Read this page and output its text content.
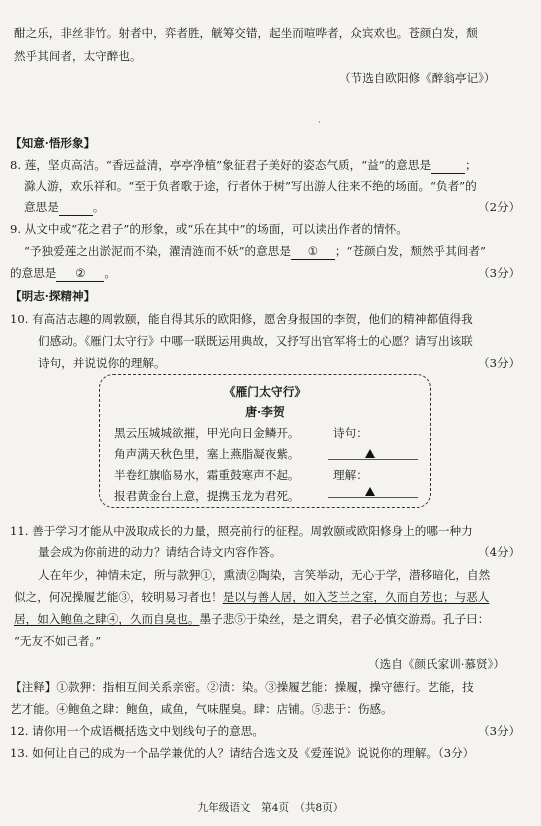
酣之乐，非丝非竹。射者中，弈者胜，觥筹交错，起坐而喧哗者，众宾欢也。苍颜白发，颓
然乎其间者，太守醉也。
（节选自欧阳修《醉翁亭记》）
·
【知意·悟形象】
8. 莲，坚贞高洁。“香远益清，亭亭净植”象征君子美好的姿态气质，“益”的意思是	；
滁人游，欢乐祥和。“至于负者歌于途，行者休于树”写出游人往来不绝的场面。“负者”的
意思是	。	（2分）
9. 从文中或“花之君子”的形象，或“乐在其中”的场面，可以读出作者的情怀。
“予独爱莲之出淤泥而不染，濯清涟而不妖”的意思是 ① ；“苍颜白发，颓然乎其间者”
的意思是 ② 。	（3分）
【明志·探精神】
10. 有高洁志趣的周敦颐，能自得其乐的欧阳修，愿舍身报国的李贺，他们的精神都值得我
们感动。《雁门太守行》中哪一联既运用典故，又抒写出官军将士的心愿？请写出该联
诗句，并说说你的理解。	（3分）
《雁门太守行》
唐·李贺
黑云压城城欲摧，甲光向日金鳞开。
角声满天秋色里，塞上燕脂凝夜紫。
半卷红旗临易水，霜重鼓寒声不起。
报君黄金台上意，提携玉龙为君死。
诗句：
理解：
11. 善于学习才能从中汲取成长的力量，照亮前行的征程。周敦颐或欧阳修身上的哪一种力
量会成为你前进的动力？请结合诗文内容作答。	（4分）
人在年少，神情未定，所与款狎①，熏渍②陶染，言笑举动，无心于学，潜移暗化，自然
似之，何况操履艺能③，较明易习者也！是以与善人居，如入芝兰之室，久而自芳也；与恶人
居，如入鲍鱼之肆④，久而自臭也。墨子悲⑤于染丝，是之谓矣，君子必慎交游焉。孔子曰：
“无友不如己者。”
（选自《颜氏家训·慕贤》）
【注释】①款狎：指相互间关系亲密。②渍：染。③操履艺能：操履，操守德行。艺能，技
艺才能。④鲍鱼之肆：鲍鱼，咸鱼，气味腥臭。肆：店铺。⑤悲于：伤感。
12. 请你用一个成语概括选文中划线句子的意思。	（3分）
13. 如何让自己的成为一个品学兼优的人？请结合选文及《爱莲说》说说你的理解。（3分）
九年级语文　第4页　（共8页）
